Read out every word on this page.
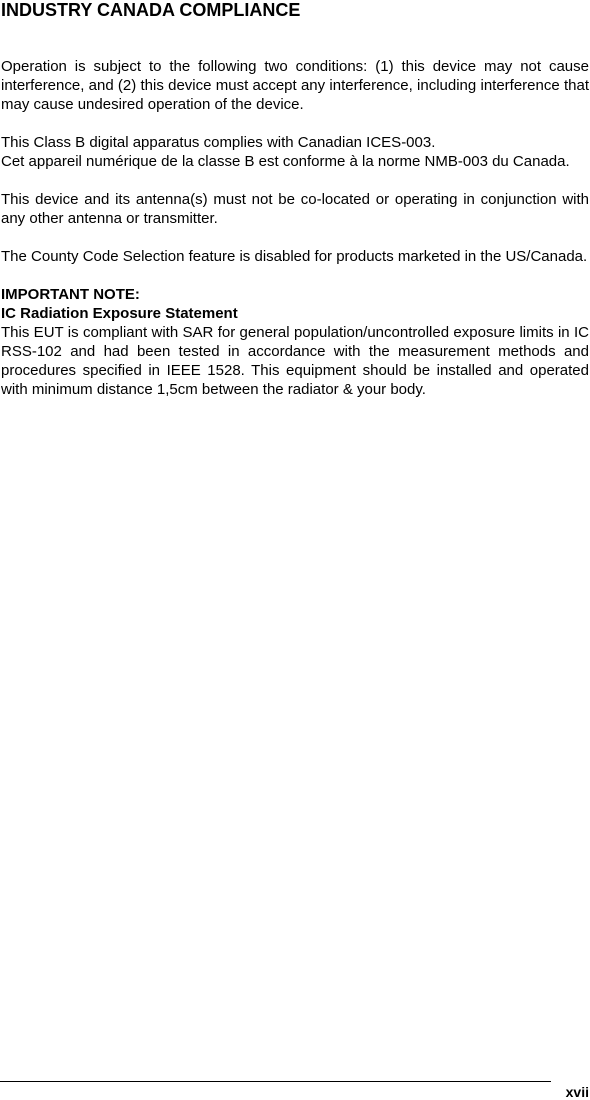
INDUSTRY CANADA COMPLIANCE

Operation is subject to the following two conditions: (1) this device may not cause interference, and (2) this device must accept any interference, including interference that may cause undesired operation of the device.

This Class B digital apparatus complies with Canadian ICES-003.

Cet appareil numérique de la classe B est conforme à la norme NMB-003 du Canada.

This device and its antenna(s) must not be co-located or operating in conjunction with any other antenna or transmitter.

The County Code Selection feature is disabled for products marketed in the US/Canada.

IMPORTANT NOTE:

IC Radiation Exposure Statement

This EUT is compliant with SAR for general population/uncontrolled exposure limits in IC RSS-102 and had been tested in accordance with the measurement methods and procedures specified in IEEE 1528. This equipment should be installed and operated with minimum distance 1,5cm between the radiator & your body.

xvii
